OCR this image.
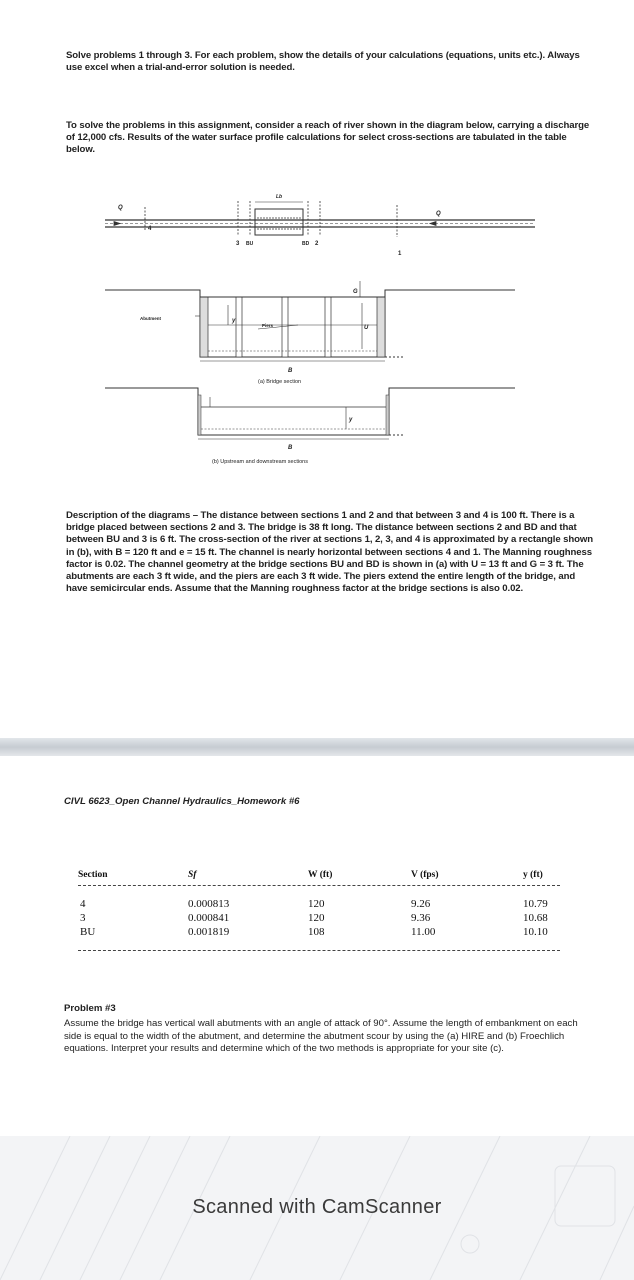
Solve problems 1 through 3. For each problem, show the details of your calculations (equations, units etc.). Always use excel when a trial-and-error solution is needed.
To solve the problems in this assignment, consider a reach of river shown in the diagram below, carrying a discharge of 12,000 cfs. Results of the water surface profile calculations for select cross-sections are tabulated in the table below.
Q
Q
Lb
4
3 BU	BD 2
1
Abutment
Piers
y
U
G
B
(a) Bridge section
y
B
(b) Upstream and downstream sections
Description of the diagrams – The distance between sections 1 and 2 and that between 3 and 4 is 100 ft. There is a bridge placed between sections 2 and 3. The bridge is 38 ft long. The distance between sections 2 and BD and that between BU and 3 is 6 ft. The cross-section of the river at sections 1, 2, 3, and 4 is approximated by a rectangle shown in (b), with B = 120 ft and e = 15 ft. The channel is nearly horizontal between sections 4 and 1. The Manning roughness factor is 0.02. The channel geometry at the bridge sections BU and BD is shown in (a) with U = 13 ft and G = 3 ft. The abutments are each 3 ft wide, and the piers are each 3 ft wide. The piers extend the entire length of the bridge, and have semicircular ends. Assume that the Manning roughness factor at the bridge sections is also 0.02.
CIVL 6623_Open Channel Hydraulics_Homework #6
Section	Sf	W (ft)	V (fps)	y (ft)
4	0.000813	120	9.26	10.79
3	0.000841	120	9.36	10.68
BU	0.001819	108	11.00	10.10
Problem #3
Assume the bridge has vertical wall abutments with an angle of attack of 90°. Assume the length of embankment on each side is equal to the width of the abutment, and determine the abutment scour by using the (a) HIRE and (b) Froechlich equations. Interpret your results and determine which of the two methods is appropriate for your site (c).
Scanned with CamScanner
